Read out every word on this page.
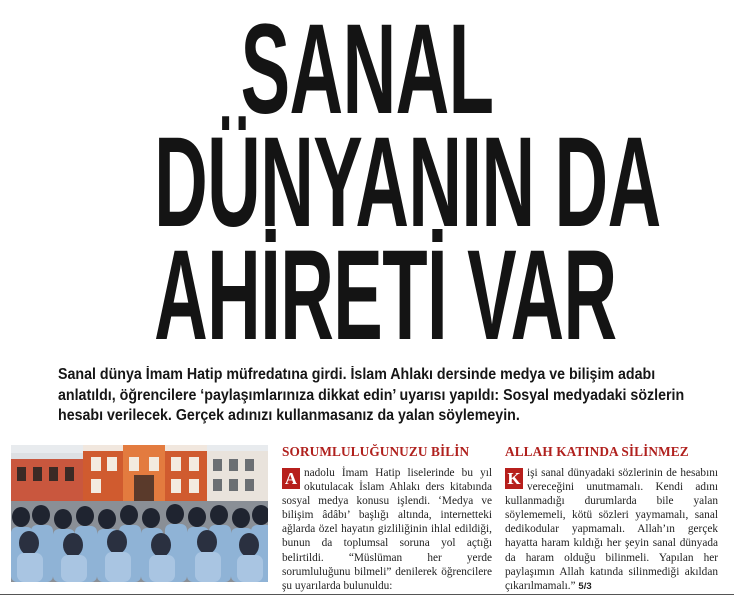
SANAL
DÜNYANIN DA
AHİRETİ VAR

Sanal dünya İmam Hatip müfredatına girdi. İslam Ahlakı dersinde medya ve bilişim adabı anlatıldı, öğrencilere ‘paylaşımlarınıza dikkat edin’ uyarısı yapıldı: Sosyal medyadaki sözlerin hesabı verilecek. Gerçek adınızı kullanmasanız da yalan söylemeyin.

SORUMLULUĞUNUZU BİLİN

A nadolu İmam Hatip liselerinde bu yıl okutulacak İslam Ahlakı ders kitabında sosyal medya konusu işlendi. ‘Medya ve bilişim âdâbı’ başlığı altında, internetteki ağlarda özel hayatın gizliliğinin ihlal edildiği, bunun da toplumsal soruna yol açtığı belirtildi. “Müslüman her yerde sorumluluğunu bilmeli” denilerek öğrencilere şu uyarılarda bulunuldu:

ALLAH KATINDA SİLİNMEZ

K işi sanal dünyadaki sözlerinin de hesabını vereceğini unutmamalı. Kendi adını kullanmadığı durumlarda bile yalan söylememeli, kötü sözleri yaymamalı, sanal dedikodular yapmamalı. Allah’ın gerçek hayatta haram kıldığı her şeyin sanal dünyada da haram olduğu bilinmeli. Yapılan her paylaşımın Allah katında silinmediği akıldan çıkarılmamalı.” 5/3
